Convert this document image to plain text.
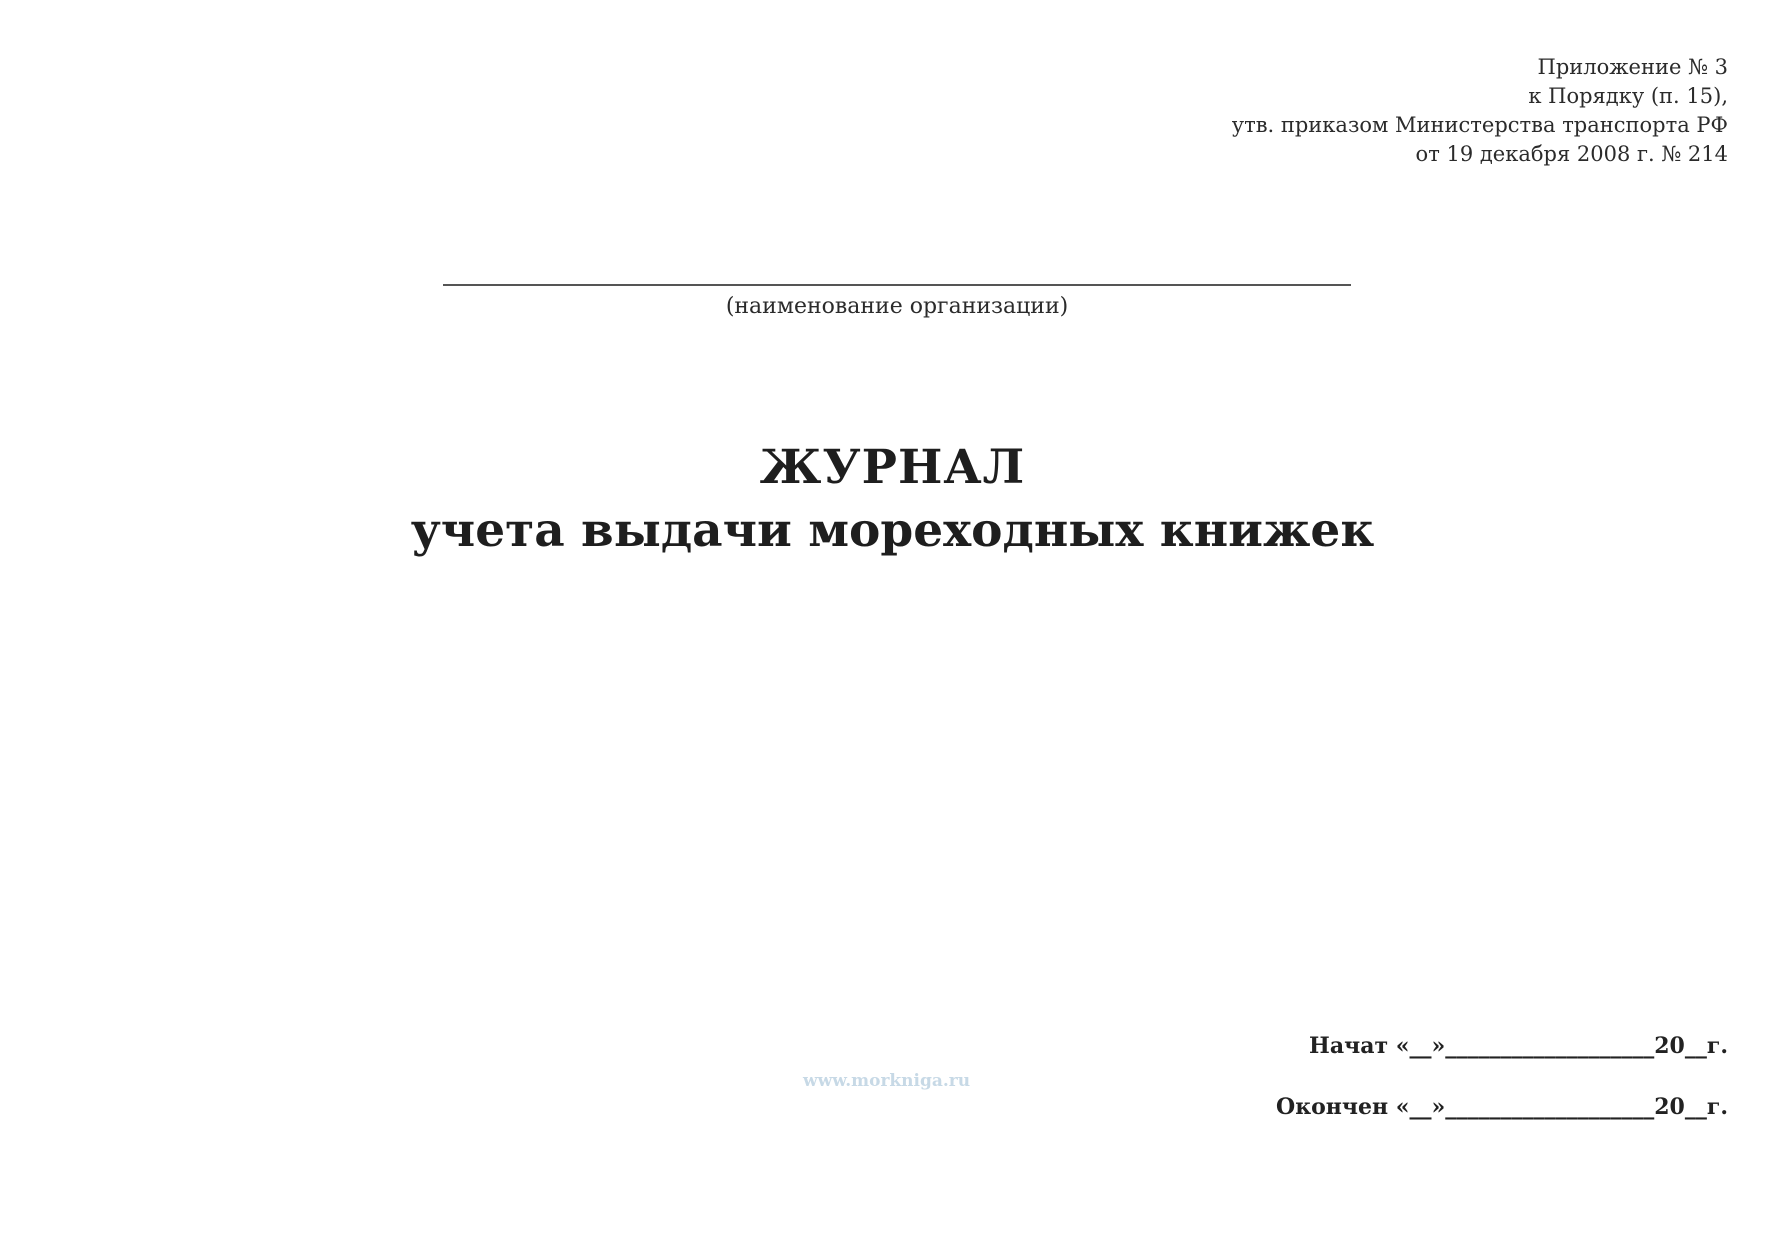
Приложение № 3
к Порядку (п. 15),
утв. приказом Министерства транспорта РФ
от 19 декабря 2008 г. № 214
(наименование организации)
ЖУРНАЛ
учета выдачи мореходных книжек
www.morkniga.ru
Начат «__»___________________20__г.
Окончен «__»___________________20__г.
